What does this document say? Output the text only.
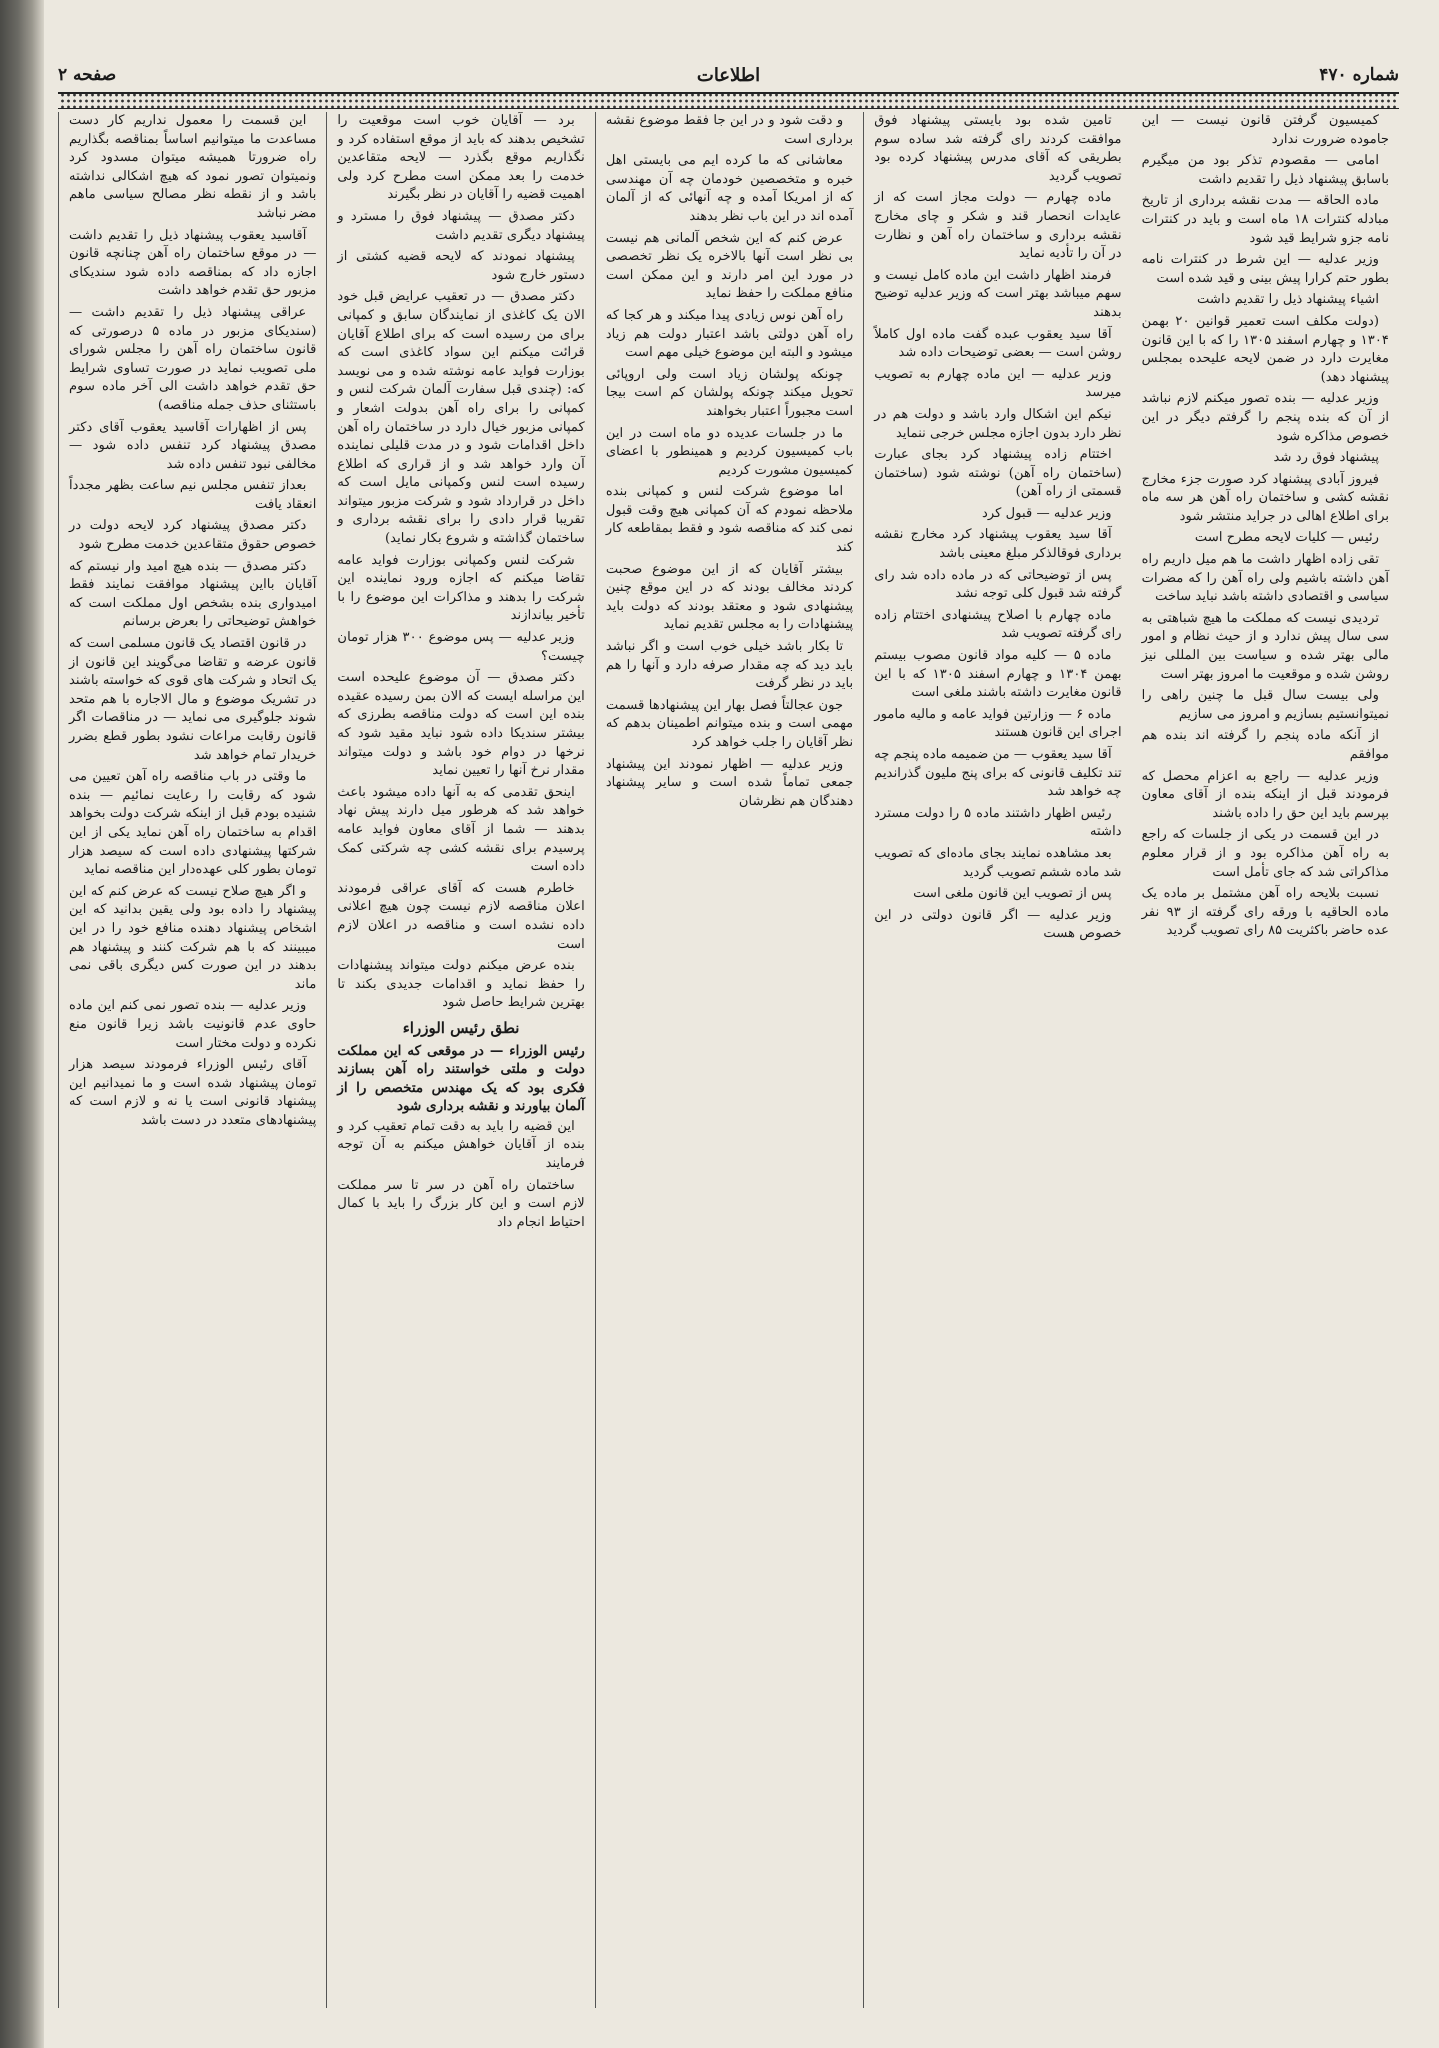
صفحه ۲	اطلاعات	شماره ۴۷۰

این قسمت را معمول نداریم کار دست مساعدت ما میتوانیم اساساً بمناقصه بگذاریم راه ضرورتا همیشه میتوان مسدود کرد ونمیتوان تصور نمود که هیچ اشکالی نداشته باشد و از نقطه نظر مصالح سیاسی ماهم مضر نباشد

آقاسید یعقوب پیشنهاد ذیل را تقدیم داشت — در موقع ساختمان راه آهن چنانچه قانون اجازه داد که بمناقصه داده شود سندیکای مزبور حق تقدم خواهد داشت

عراقی پیشنهاد ذیل را تقدیم داشت — (سندیکای مزبور در ماده ۵ درصورتی که قانون ساختمان راه آهن را مجلس شورای ملی تصویب نماید در صورت تساوی شرایط حق تقدم خواهد داشت الی آخر ماده سوم باستثنای حذف جمله مناقصه)

پس از اظهارات آقاسید یعقوب آقای دکتر مصدق پیشنهاد کرد تنفس داده شود — مخالفی نبود تنفس داده شد

بعداز تنفس مجلس نیم ساعت بظهر مجدداً انعقاد یافت

دکتر مصدق پیشنهاد کرد لایحه دولت در خصوص حقوق متقاعدین خدمت مطرح شود

دکتر مصدق — بنده هیچ امید وار نیستم که آقایان بااین پیشنهاد موافقت نمایند فقط امیدواری بنده بشخص اول مملکت است که خواهش توضیحاتی را بعرض برسانم

در قانون اقتصاد یک قانون مسلمی است که قانون عرضه و تقاضا می‌گویند این قانون از یک اتحاد و شرکت های قوی که خواسته باشند در تشریک موضوع و مال الاجاره با هم متحد شوند جلوگیری می نماید — در مناقصات اگر قانون رقابت مراعات نشود بطور قطع بضرر خریدار تمام خواهد شد

ما وقتی در باب مناقصه راه آهن تعیین می شود که رقابت را رعایت نمائیم — بنده شنیده بودم قبل از اینکه شرکت دولت بخواهد اقدام به ساختمان راه آهن نماید یکی از این شرکتها پیشنهادی داده است که سیصد هزار تومان بطور کلی عهده‌دار این مناقصه نماید

و اگر هیچ صلاح نیست که عرض کنم که این پیشنهاد را داده بود ولی یقین بدانید که این اشخاص پیشنهاد دهنده منافع خود را در این میبینند که با هم شرکت کنند و پیشنهاد هم بدهند در این صورت کس دیگری باقی نمی ماند

وزیر عدلیه — بنده تصور نمی کنم این ماده حاوی عدم قانونیت باشد زیرا قانون منع نکرده و دولت مختار است

آقای رئیس الوزراء فرمودند سیصد هزار تومان پیشنهاد شده است و ما نمیدانیم این پیشنهاد قانونی است یا نه و لازم است که پیشنهادهای متعدد در دست باشد

برد — آقایان خوب است موقعیت را تشخیص بدهند که باید از موقع استفاده کرد و نگذاریم موقع بگذرد — لایحه متقاعدین خدمت را بعد ممکن است مطرح کرد ولی اهمیت قضیه را آقایان در نظر بگیرند

دکتر مصدق — پیشنهاد فوق را مسترد و پیشنهاد دیگری تقدیم داشت

پیشنهاد نمودند که لایحه قضیه کشتی از دستور خارج شود

دکتر مصدق — در تعقیب عرایض قبل خود الان یک کاغذی از نمایندگان سابق و کمپانی برای من رسیده است که برای اطلاع آقایان قرائت میکنم این سواد کاغذی است که بوزارت فواید عامه نوشته شده و می نویسد که: (چندی قبل سفارت آلمان شرکت لنس و کمپانی را برای راه آهن بدولت اشعار و کمپانی مزبور خیال دارد در ساختمان راه آهن داخل اقدامات شود و در مدت قلیلی نماینده آن وارد خواهد شد و از قراری که اطلاع رسیده است لنس وکمپانی مایل است که داخل در قرارداد شود و شرکت مزبور میتواند تقریبا قرار دادی را برای نقشه برداری و ساختمان گذاشته و شروع بکار نماید)

شرکت لنس وکمپانی بوزارت فواید عامه تقاضا میکنم که اجازه ورود نماینده این شرکت را بدهند و مذاکرات این موضوع را با تأخیر بیاندازند

وزیر عدلیه — پس موضوع ۳۰۰ هزار تومان چیست؟

دکتر مصدق — آن موضوع علیحده است این مراسله ایست که الان بمن رسیده عقیده بنده این است که دولت مناقصه بطرزی که بیشتر سندیکا داده شود نباید مقید شود که نرخها در دوام خود باشد و دولت میتواند مقدار نرخ آنها را تعیین نماید

اینحق تقدمی که به آنها داده میشود باعث خواهد شد که هرطور میل دارند پیش نهاد بدهند — شما از آقای معاون فواید عامه پرسیدم برای نقشه کشی چه شرکتی کمک داده است

خاطرم هست که آقای عراقی فرمودند اعلان مناقصه لازم نیست چون هیچ اعلانی داده نشده است و مناقصه در اعلان لازم است

بنده عرض میکنم دولت میتواند پیشنهادات را حفظ نماید و اقدامات جدیدی بکند تا بهترین شرایط حاصل شود

نطق رئیس الوزراء
رئیس الوزراء — در موقعی که این مملکت دولت و ملتی خواستند راه آهن بسازند فکری بود که یک مهندس متخصص را از آلمان بیاورند و نقشه برداری شود

این قضیه را باید به دقت تمام تعقیب کرد و بنده از آقایان خواهش میکنم به آن توجه فرمایند

ساختمان راه آهن در سر تا سر مملکت لازم است و این کار بزرگ را باید با کمال احتیاط انجام داد

و دقت شود و در این جا فقط موضوع نقشه برداری است

معاشانی که ما کرده ایم می بایستی اهل خبره و متخصصین خودمان چه آن مهندسی که از امریکا آمده و چه آنهائی که از آلمان آمده اند در این باب نظر بدهند

عرض کنم که این شخص آلمانی هم نیست بی نظر است آنها بالاخره یک نظر تخصصی در مورد این امر دارند و این ممکن است منافع مملکت را حفظ نماید

راه آهن نوس زیادی پیدا میکند و هر کجا که راه آهن دولتی باشد اعتبار دولت هم زیاد میشود و البته این موضوع خیلی مهم است

چونکه پولشان زیاد است ولی اروپائی تحویل میکند چونکه پولشان کم است بیجا است مجبوراً اعتبار بخواهند

ما در جلسات عدیده دو ماه است در این باب کمیسیون کردیم و همینطور با اعضای کمیسیون مشورت کردیم

اما موضوع شرکت لنس و کمپانی بنده ملاحظه نمودم که آن کمپانی هیچ وقت قبول نمی کند که مناقصه شود و فقط بمقاطعه کار کند

بیشتر آقایان که از این موضوع صحبت کردند مخالف بودند که در این موقع چنین پیشنهادی شود و معتقد بودند که دولت باید پیشنهادات را به مجلس تقدیم نماید

تا بکار باشد خیلی خوب است و اگر نباشد باید دید که چه مقدار صرفه دارد و آنها را هم باید در نظر گرفت

جون عجالتاً فصل بهار این پیشنهادها قسمت مهمی است و بنده میتوانم اطمینان بدهم که نظر آقایان را جلب خواهد کرد

وزیر عدلیه — اظهار نمودند این پیشنهاد جمعی تماماً شده است و سایر پیشنهاد دهندگان هم نظرشان

تامین شده بود بایستی پیشنهاد فوق موافقت کردند رای گرفته شد ساده سوم بطریقی که آقای مدرس پیشنهاد کرده بود تصویب گردید

ماده چهارم — دولت مجاز است که از عایدات انحصار قند و شکر و چای مخارج نقشه برداری و ساختمان راه آهن و نظارت در آن را تأدیه نماید

فرمند اظهار داشت این ماده کامل نیست و سهم میباشد بهتر است که وزیر عدلیه توضیح بدهند

آقا سید یعقوب عبده گفت ماده اول کاملاً روشن است — بعضی توضیحات داده شد

وزیر عدلیه — این ماده چهارم به تصویب میرسد

نیکم این اشکال وارد باشد و دولت هم در نظر دارد بدون اجازه مجلس خرجی ننماید

اختتام زاده پیشنهاد کرد بجای عبارت (ساختمان راه آهن) نوشته شود (ساختمان قسمتی از راه آهن)

وزیر عدلیه — قبول کرد

آقا سید یعقوب پیشنهاد کرد مخارج نقشه برداری فوقالذکر مبلغ معینی باشد

پس از توضیحاتی که در ماده داده شد رای گرفته شد قبول کلی توجه نشد

ماده چهارم با اصلاح پیشنهادی اختتام زاده رای گرفته تصویب شد

ماده ۵ — کلیه مواد قانون مصوب بیستم بهمن ۱۳۰۴ و چهارم اسفند ۱۳۰۵ که با این قانون مغایرت داشته باشند ملغی است

ماده ۶ — وزارتین فواید عامه و مالیه مامور اجرای این قانون هستند

آقا سید یعقوب — من ضمیمه ماده پنجم چه تند تکلیف قانونی که برای پنج ملیون گذراندیم چه خواهد شد

رئیس اظهار داشتند ماده ۵ را دولت مسترد داشته

بعد مشاهده نمایند بجای ماده‌ای که تصویب شد ماده ششم تصویب گردید

پس از تصویب این قانون ملغی است

وزیر عدلیه — اگر قانون دولتی در این خصوص هست

کمیسیون گرفتن قانون نیست — این جاموده ضرورت ندارد

امامی — مقصودم تذکر بود من میگیرم باسابق پیشنهاد ذیل را تقدیم داشت

ماده الحاقه — مدت نقشه برداری از تاریخ مبادله کنترات ۱۸ ماه است و باید در کنترات نامه جزو شرایط قید شود

وزیر عدلیه — این شرط در کنترات نامه بطور حتم کرارا پیش بینی و قید شده است

اشیاء پیشنهاد ذیل را تقدیم داشت

(دولت مکلف است تعمیر قوانین ۲۰ بهمن ۱۳۰۴ و چهارم اسفند ۱۳۰۵ را که با این قانون مغایرت دارد در ضمن لایحه علیحده بمجلس پیشنهاد دهد)

وزیر عدلیه — بنده تصور میکنم لازم نباشد از آن که بنده پنجم را گرفتم دیگر در این خصوص مذاکره شود

پیشنهاد فوق رد شد

فیروز آبادی پیشنهاد کرد صورت جزء مخارج نقشه کشی و ساختمان راه آهن هر سه ماه برای اطلاع اهالی در جراید منتشر شود

رئیس — کلیات لایحه مطرح است

تقی زاده اظهار داشت ما هم میل داریم راه آهن داشته باشیم ولی راه آهن را که مضرات سیاسی و اقتصادی داشته باشد نباید ساخت

تردیدی نیست که مملکت ما هیچ شباهتی به سی سال پیش ندارد و از حیث نظام و امور مالی بهتر شده و سیاست بین المللی نیز روشن شده و موقعیت ما امروز بهتر است

ولی بیست سال قبل ما چنین راهی را نمیتوانستیم بسازیم و امروز می سازیم

از آنکه ماده پنجم را گرفته اند بنده هم موافقم

وزیر عدلیه — راجع به اعزام محصل که فرمودند قبل از اینکه بنده از آقای معاون بپرسم باید این حق را داده باشند

در این قسمت در یکی از جلسات که راجع به راه آهن مذاکره بود و از قرار معلوم مذاکراتی شد که جای تأمل است

نسبت بلایحه راه آهن مشتمل بر ماده یک ماده الحاقیه با ورقه رای گرفته از ۹۳ نفر عده حاضر باکثریت ۸۵ رای تصویب گردید
